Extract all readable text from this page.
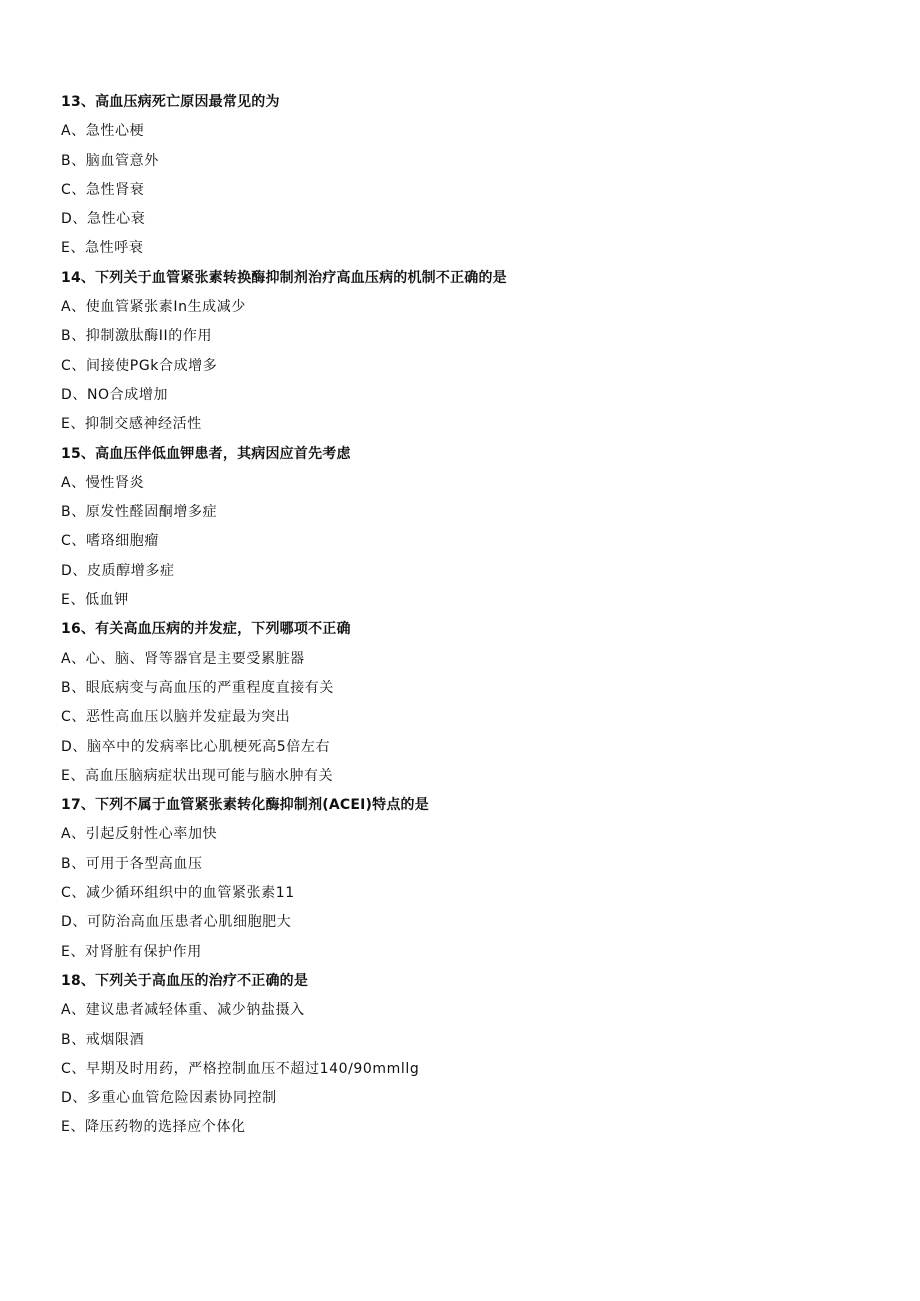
13、高血压病死亡原因最常见的为
A、急性心梗
B、脑血管意外
C、急性肾衰
D、急性心衰
E、急性呼衰
14、下列关于血管紧张素转换酶抑制剂治疗高血压病的机制不正确的是
A、使血管紧张素In生成减少
B、抑制激肽酶II的作用
C、间接使PGk合成增多
D、NO合成增加
E、抑制交感神经活性
15、高血压伴低血钾患者，其病因应首先考虑
A、慢性肾炎
B、原发性醛固酮增多症
C、嗜珞细胞瘤
D、皮质醇增多症
E、低血钾
16、有关高血压病的并发症，下列哪项不正确
A、心、脑、肾等器官是主要受累脏器
B、眼底病变与高血压的严重程度直接有关
C、恶性高血压以脑并发症最为突出
D、脑卒中的发病率比心肌梗死高5倍左右
E、高血压脑病症状出现可能与脑水肿有关
17、下列不属于血管紧张素转化酶抑制剂(ACEI)特点的是
A、引起反射性心率加快
B、可用于各型高血压
C、减少循环组织中的血管紧张素11
D、可防治高血压患者心肌细胞肥大
E、对肾脏有保护作用
18、下列关于高血压的治疗不正确的是
A、建议患者减轻体重、减少钠盐摄入
B、戒烟限酒
C、早期及时用药，严格控制血压不超过140∕90mmllg
D、多重心血管危险因素协同控制
E、降压药物的选择应个体化
